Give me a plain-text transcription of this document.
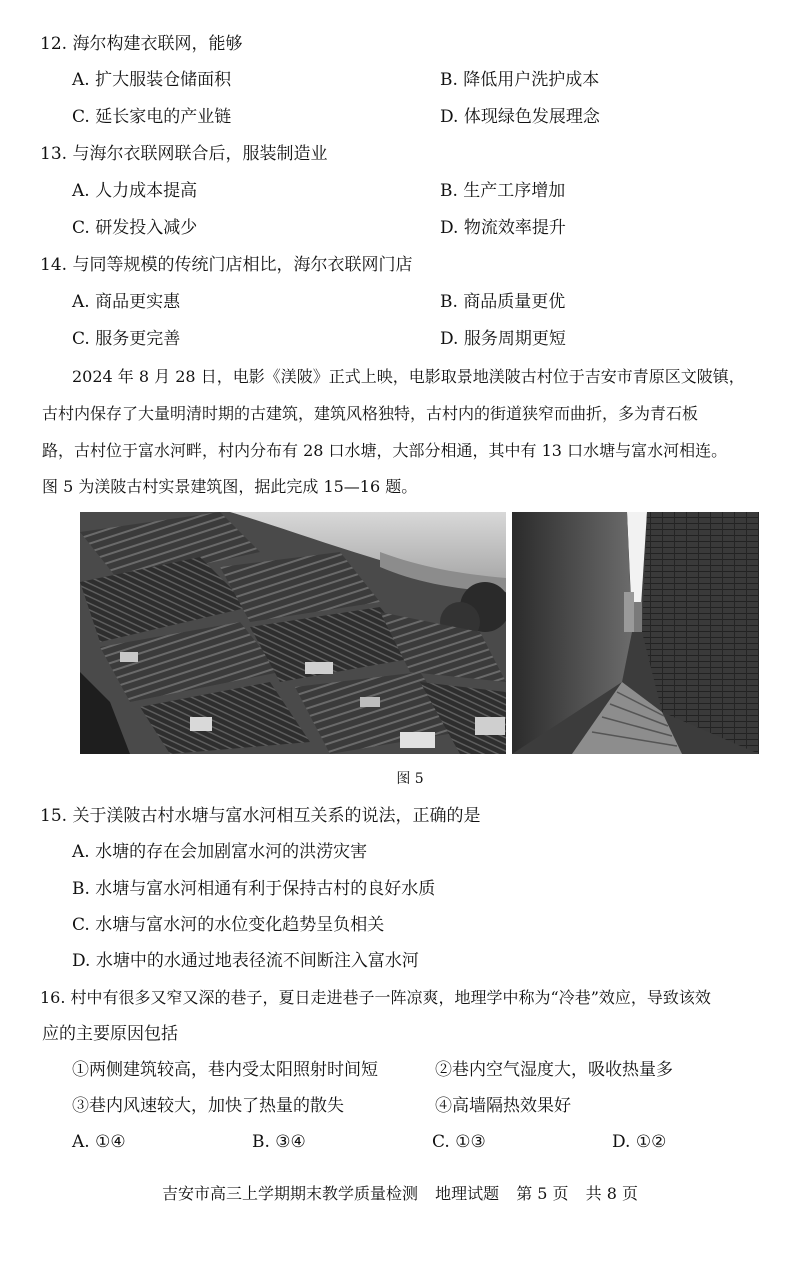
12. 海尔构建衣联网，能够
A. 扩大服装仓储面积	B. 降低用户洗护成本
C. 延长家电的产业链	D. 体现绿色发展理念
13. 与海尔衣联网联合后，服装制造业
A. 人力成本提高	B. 生产工序增加
C. 研发投入减少	D. 物流效率提升
14. 与同等规模的传统门店相比，海尔衣联网门店
A. 商品更实惠	B. 商品质量更优
C. 服务更完善	D. 服务周期更短
2024 年 8 月 28 日，电影《渼陂》正式上映，电影取景地渼陂古村位于吉安市青原区文陂镇，
古村内保存了大量明清时期的古建筑，建筑风格独特，古村内的街道狭窄而曲折，多为青石板
路，古村位于富水河畔，村内分布有 28 口水塘，大部分相通，其中有 13 口水塘与富水河相连。
图 5 为渼陂古村实景建筑图，据此完成 15—16 题。
图 5
15. 关于渼陂古村水塘与富水河相互关系的说法，正确的是
A. 水塘的存在会加剧富水河的洪涝灾害
B. 水塘与富水河相通有利于保持古村的良好水质
C. 水塘与富水河的水位变化趋势呈负相关
D. 水塘中的水通过地表径流不间断注入富水河
16. 村中有很多又窄又深的巷子，夏日走进巷子一阵凉爽，地理学中称为“冷巷”效应，导致该效
应的主要原因包括
①两侧建筑较高，巷内受太阳照射时间短	②巷内空气湿度大，吸收热量多
③巷内风速较大，加快了热量的散失	④高墙隔热效果好
A. ①④	B. ③④	C. ①③	D. ①②
吉安市高三上学期期末教学质量检测 地理试题 第 5 页 共 8 页
